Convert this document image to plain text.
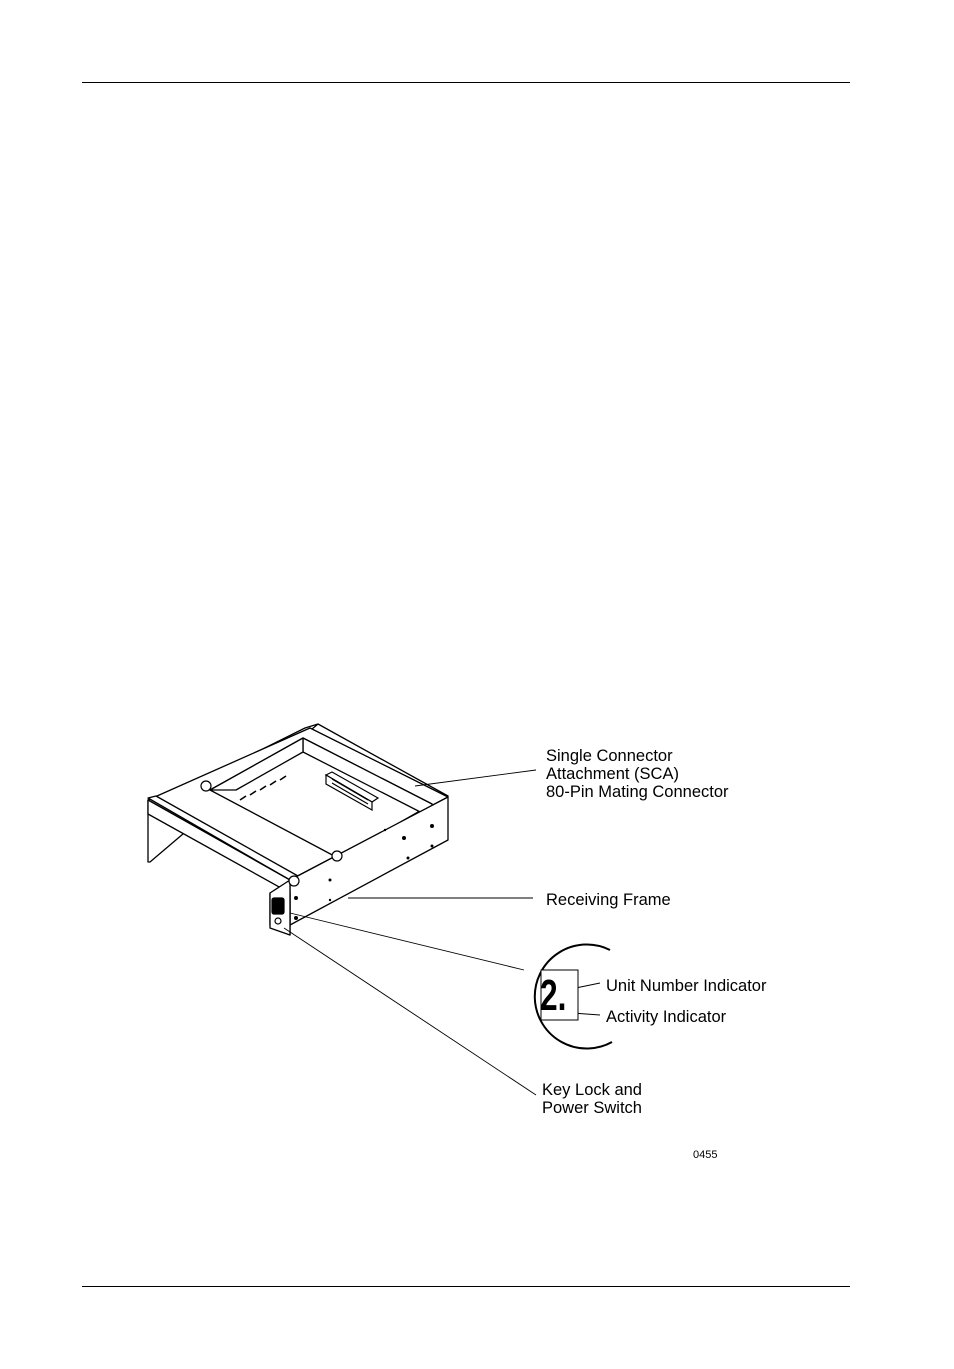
Single Connector
Attachment (SCA)
80-Pin Mating Connector
Receiving Frame
2. Unit Number Indicator
Activity Indicator
Key Lock and
Power Switch
0455
